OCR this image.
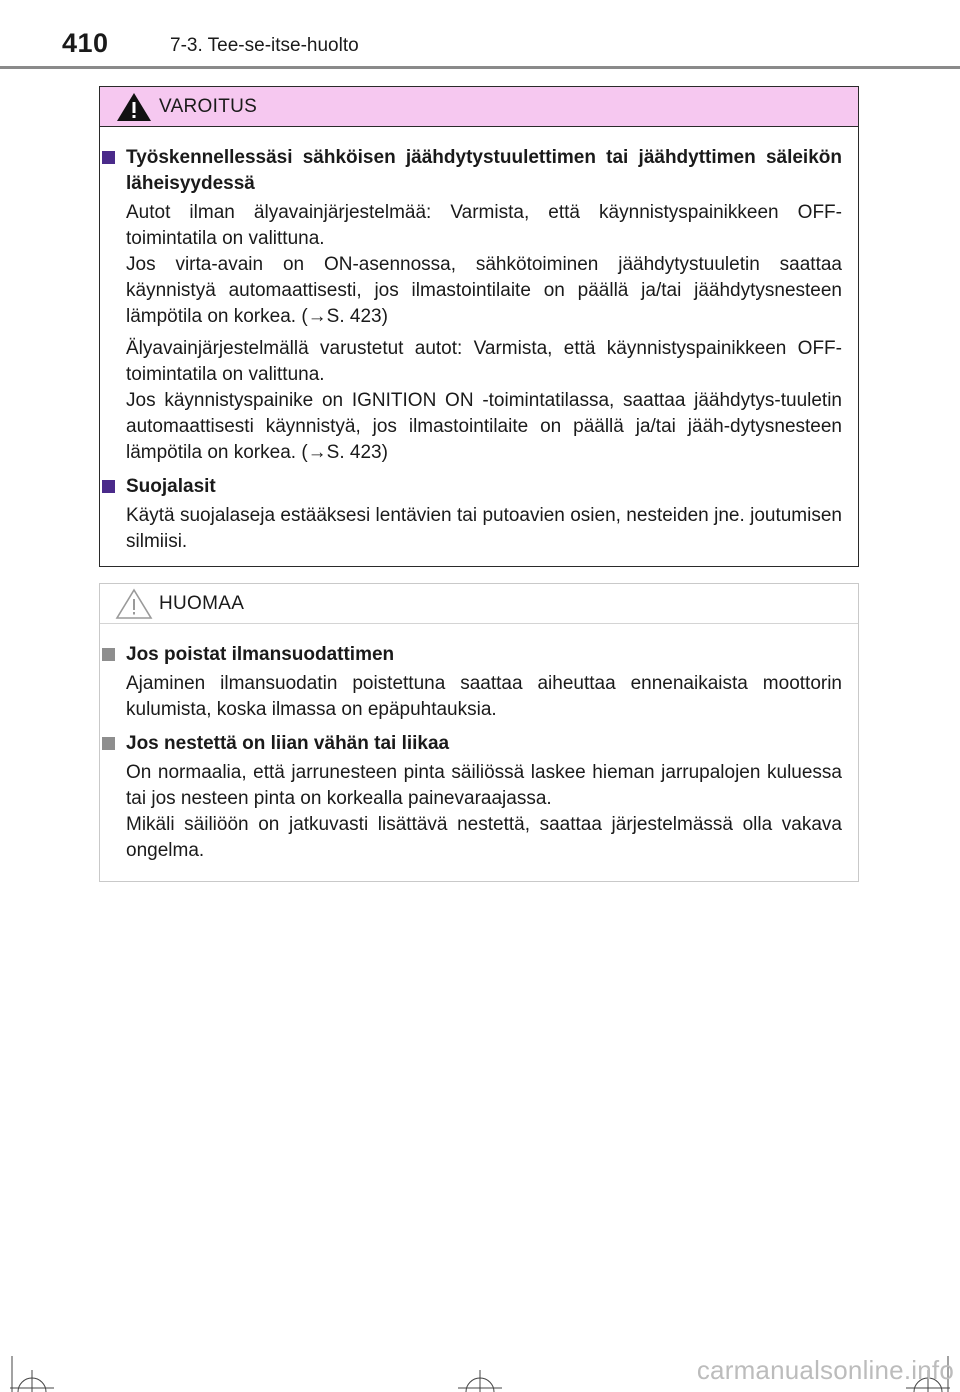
410	7-3. Tee-se-itse-huolto
VAROITUS
Työskennellessäsi sähköisen jäähdytystuulettimen tai jäähdyttimen säleikön läheisyydessä
Autot ilman älyavainjärjestelmää: Varmista, että käynnistyspainikkeen OFF-toimintatila on valittuna.
Jos virta-avain on ON-asennossa, sähkötoiminen jäähdytystuuletin saattaa käynnistyä automaattisesti, jos ilmastointilaite on päällä ja/tai jäähdytysnesteen lämpötila on korkea. (→S. 423)
Älyavainjärjestelmällä varustetut autot: Varmista, että käynnistyspainikkeen OFF-toimintatila on valittuna.
Jos käynnistyspainike on IGNITION ON -toimintatilassa, saattaa jäähdytys-tuuletin automaattisesti käynnistyä, jos ilmastointilaite on päällä ja/tai jääh-dytysnesteen lämpötila on korkea. (→S. 423)
Suojalasit
Käytä suojalaseja estääksesi lentävien tai putoavien osien, nesteiden jne. joutumisen silmiisi.
HUOMAA
Jos poistat ilmansuodattimen
Ajaminen ilmansuodatin poistettuna saattaa aiheuttaa ennenaikaista moottorin kulumista, koska ilmassa on epäpuhtauksia.
Jos nestettä on liian vähän tai liikaa
On normaalia, että jarrunesteen pinta säiliössä laskee hieman jarrupalojen kuluessa tai jos nesteen pinta on korkealla painevaraajassa.
Mikäli säiliöön on jatkuvasti lisättävä nestettä, saattaa järjestelmässä olla vakava ongelma.
carmanualsonline.info
